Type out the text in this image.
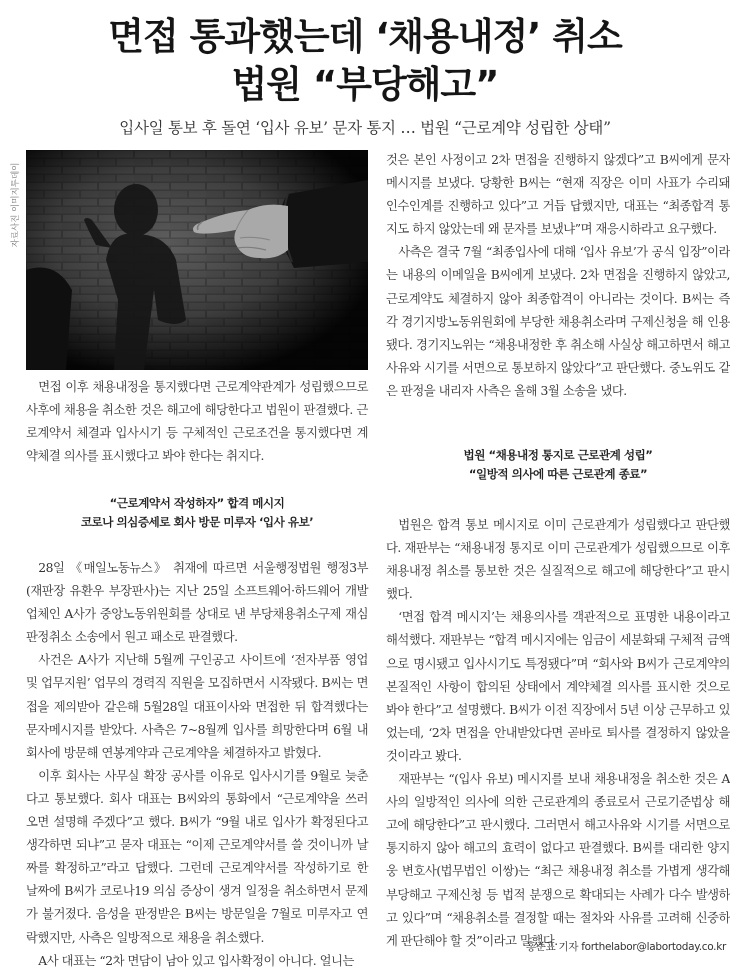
면접 통과했는데 ‘채용내정’ 취소
법원 “부당해고”
입사일 통보 후 돌연 ‘입사 유보’ 문자 통지 … 법원 “근로계약 성립한 상태”
자료사진 이미지투데이

면접 이후 채용내정을 통지했다면 근로계약관계가 성립했으므로 사후에 채용을 취소한 것은 해고에 해당한다고 법원이 판결했다. 근로계약서 체결과 입사시기 등 구체적인 근로조건을 통지했다면 계약체결 의사를 표시했다고 봐야 한다는 취지다.

“근로계약서 작성하자” 합격 메시지
코로나 의심증세로 회사 방문 미루자 ‘입사 유보’

28일 《매일노동뉴스》 취재에 따르면 서울행정법원 행정3부(재판장 유환우 부장판사)는 지난 25일 소프트웨어·하드웨어 개발업체인 A사가 중앙노동위원회를 상대로 낸 부당채용취소구제 재심판정취소 소송에서 원고 패소로 판결했다.

사건은 A사가 지난해 5월께 구인공고 사이트에 ‘전자부품 영업 및 업무지원’ 업무의 경력직 직원을 모집하면서 시작됐다. B씨는 면접을 제의받아 같은해 5월28일 대표이사와 면접한 뒤 합격했다는 문자메시지를 받았다. 사측은 7~8월께 입사를 희망한다며 6월 내 회사에 방문해 연봉계약과 근로계약을 체결하자고 밝혔다.

이후 회사는 사무실 확장 공사를 이유로 입사시기를 9월로 늦춘다고 통보했다. 회사 대표는 B씨와의 통화에서 “근로계약을 쓰러 오면 설명해 주겠다”고 했다. B씨가 “9월 내로 입사가 확정된다고 생각하면 되냐”고 묻자 대표는 “이제 근로계약서를 쓸 것이니까 날짜를 확정하고”라고 답했다. 그런데 근로계약서를 작성하기로 한 날짜에 B씨가 코로나19 의심 증상이 생겨 일정을 취소하면서 문제가 불거졌다. 음성을 판정받은 B씨는 방문일을 7월로 미루자고 연락했지만, 사측은 일방적으로 채용을 취소했다.

A사 대표는 “2차 면담이 남아 있고 입사확정이 아니다. 얼니는

것은 본인 사정이고 2차 면접을 진행하지 않겠다”고 B씨에게 문자메시지를 보냈다. 당황한 B씨는 “현재 직장은 이미 사표가 수리돼 인수인계를 진행하고 있다”고 거듭 답했지만, 대표는 “최종합격 통지도 하지 않았는데 왜 문자를 보냈냐”며 재응시하라고 요구했다.

사측은 결국 7월 “최종입사에 대해 ‘입사 유보’가 공식 입장”이라는 내용의 이메일을 B씨에게 보냈다. 2차 면접을 진행하지 않았고, 근로계약도 체결하지 않아 최종합격이 아니라는 것이다. B씨는 즉각 경기지방노동위원회에 부당한 채용취소라며 구제신청을 해 인용됐다. 경기지노위는 “채용내정한 후 취소해 사실상 해고하면서 해고사유와 시기를 서면으로 통보하지 않았다”고 판단했다. 중노위도 같은 판정을 내리자 사측은 올해 3월 소송을 냈다.

법원 “채용내정 통지로 근로관계 성립”
“일방적 의사에 따른 근로관계 종료”

법원은 합격 통보 메시지로 이미 근로관계가 성립했다고 판단했다. 재판부는 “채용내정 통지로 이미 근로관계가 성립했으므로 이후 채용내정 취소를 통보한 것은 실질적으로 해고에 해당한다”고 판시했다.

‘면접 합격 메시지’는 채용의사를 객관적으로 표명한 내용이라고 해석했다. 재판부는 “합격 메시지에는 임금이 세분화돼 구체적 금액으로 명시됐고 입사시기도 특정됐다”며 “회사와 B씨가 근로계약의 본질적인 사항이 합의된 상태에서 계약체결 의사를 표시한 것으로 봐야 한다”고 설명했다. B씨가 이전 직장에서 5년 이상 근무하고 있었는데, ‘2차 면접을 안내받았다면 곧바로 퇴사를 결정하지 않았을 것이라고 봤다.

재판부는 “(입사 유보) 메시지를 보내 채용내정을 취소한 것은 A사의 일방적인 의사에 의한 근로관계의 종료로서 근로기준법상 해고에 해당한다”고 판시했다. 그러면서 해고사유와 시기를 서면으로 통지하지 않아 해고의 효력이 없다고 판결했다. B씨를 대리한 양지웅 변호사(법무법인 이쌍)는 “최근 채용내정 취소를 가볍게 생각해 부당해고 구제신청 등 법적 분쟁으로 확대되는 사례가 다수 발생하고 있다”며 “채용취소를 결정할 때는 절차와 사유를 고려해 신중하게 판단해야 할 것”이라고 말했다.

홍준표 기자 forthelabor@labortoday.co.kr
